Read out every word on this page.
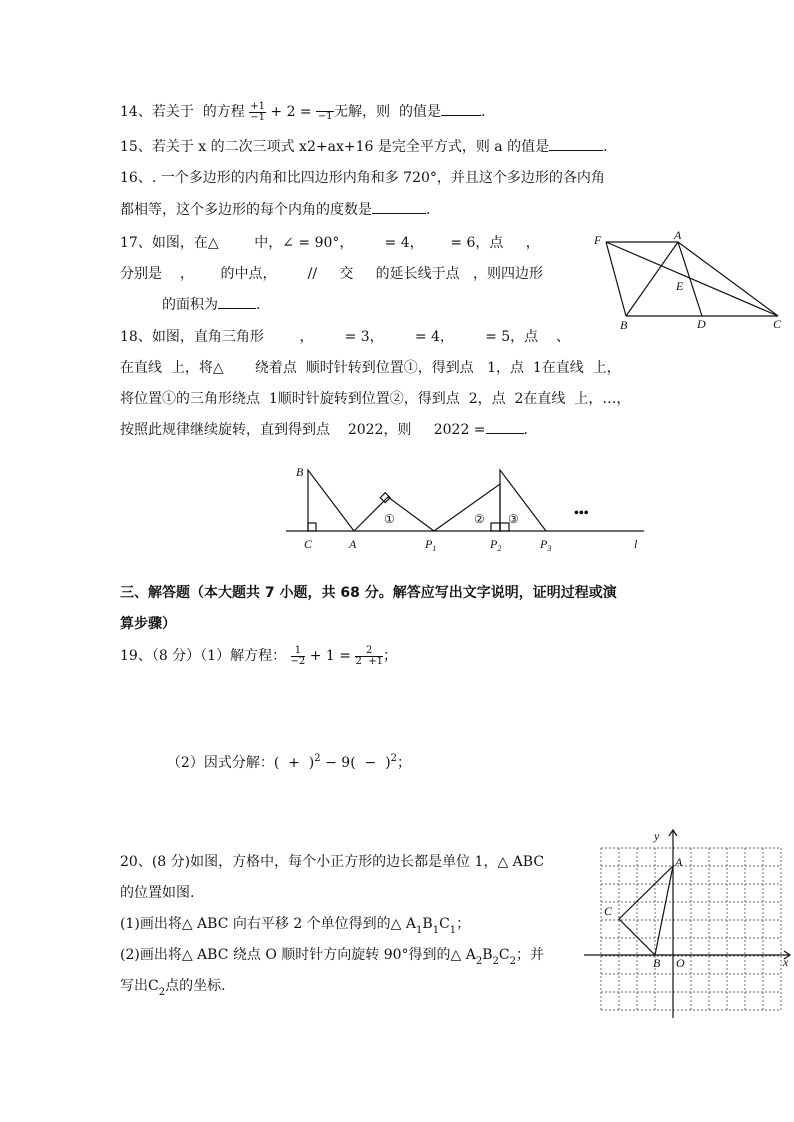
14、若关于 的方程 $\frac{+1}{-1} + 2 = -1$ 无解，则 的值是	.
15、若关于 x 的二次三项式 x2+ax+16 是完全平方式，则 a 的值是	.
16、. 一个多边形的内角和比四边形内角和多 720°，并且这个多边形的各内角
都相等，这个多边形的每个内角的度数是	.
17、如图，在△	中，∠ = 90°， = 4， = 6，点 ，
分别是 ， 的中点， // 交 的延长线于点 ，则四边形
的面积为	.
F	A
E
B	D	C
18、如图，直角三角形	， = 3， = 4， = 5，点 、
在直线  上，将△       绕着点  顺时针转到位置①，得到点   1，点  1在直线  上，
将位置①的三角形绕点  1顺时针旋转到位置②，得到点  2，点  2在直线  上，…，
按照此规律继续旋转，直到得到点 2022，则 2022 =	.
B
C	A	$P_1$	$P_2$	$P_3$	l
①	② ③	•••
三、解答题（本大题共 7 小题，共 68 分。解答应写出文字说明，证明过程或演
算步骤）
19、（8 分）（1）解方程： $\frac{1}{-2} + 1 = \frac{2}{2 +1}$ ；

（2）因式分解：(  +  )$^2 - 9( - )^2$；

20、(8 分)如图，方格中，每个小正方形的边长都是单位 1，△ ABC
的位置如图.
(1)画出将△ ABC 向右平移 2 个单位得到的△ $A_1B_1C_1$；
(2)画出将△ ABC 绕点 O 顺时针方向旋转 90°得到的△ $A_2B_2C_2$；并
写出$C_2$点的坐标.
y
x
A
B
C
O
